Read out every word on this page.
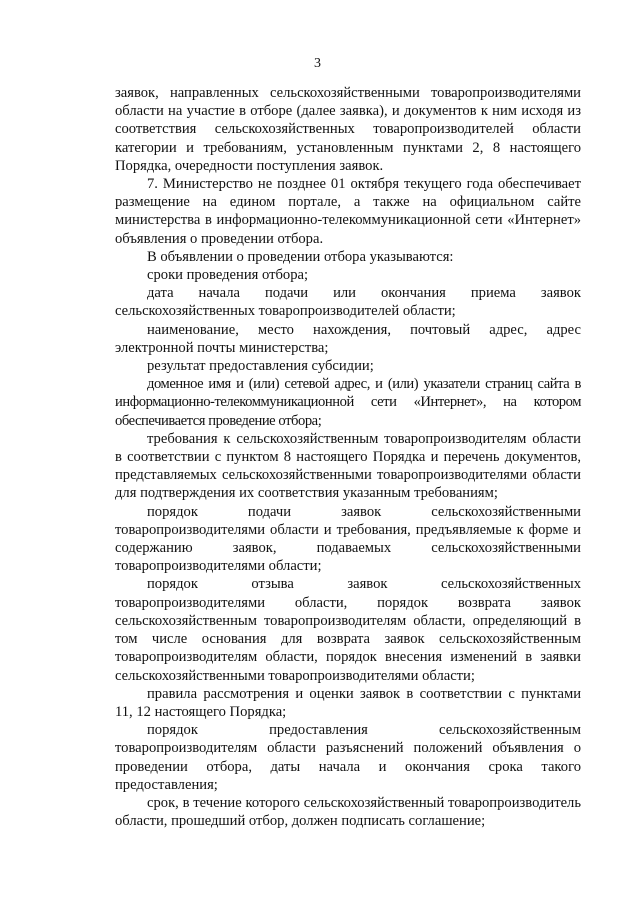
3

заявок, направленных сельскохозяйственными товаропроизводителями области на участие в отборе (далее заявка), и документов к ним исходя из соответствия сельскохозяйственных товаропроизводителей области категории и требованиям, установленным пунктами 2, 8 настоящего Порядка, очередности поступления заявок.

7. Министерство не позднее 01 октября текущего года обеспечивает размещение на едином портале, а также на официальном сайте министерства в информационно-телекоммуникационной сети «Интернет» объявления о проведении отбора.

В объявлении о проведении отбора указываются:

сроки проведения отбора;

дата начала подачи или окончания приема заявок сельскохозяйственных товаропроизводителей области;

наименование, место нахождения, почтовый адрес, адрес электронной почты министерства;

результат предоставления субсидии;

доменное имя и (или) сетевой адрес, и (или) указатели страниц сайта в информационно-телекоммуникационной сети «Интернет», на котором обеспечивается проведение отбора;

требования к сельскохозяйственным товаропроизводителям области в соответствии с пунктом 8 настоящего Порядка и перечень документов, представляемых сельскохозяйственными товаропроизводителями области для подтверждения их соответствия указанным требованиям;

порядок подачи заявок сельскохозяйственными товаропроизводителями области и требования, предъявляемые к форме и содержанию заявок, подаваемых сельскохозяйственными товаропроизводителями области;

порядок отзыва заявок сельскохозяйственных товаропроизводителями области, порядок возврата заявок сельскохозяйственным товаропроизводителям области, определяющий в том числе основания для возврата заявок сельскохозяйственным товаропроизводителям области, порядок внесения изменений в заявки сельскохозяйственными товаропроизводителями области;

правила рассмотрения и оценки заявок в соответствии с пунктами 11, 12 настоящего Порядка;

порядок предоставления сельскохозяйственным товаропроизводителям области разъяснений положений объявления о проведении отбора, даты начала и окончания срока такого предоставления;

срок, в течение которого сельскохозяйственный товаропроизводитель области, прошедший отбор, должен подписать соглашение;
